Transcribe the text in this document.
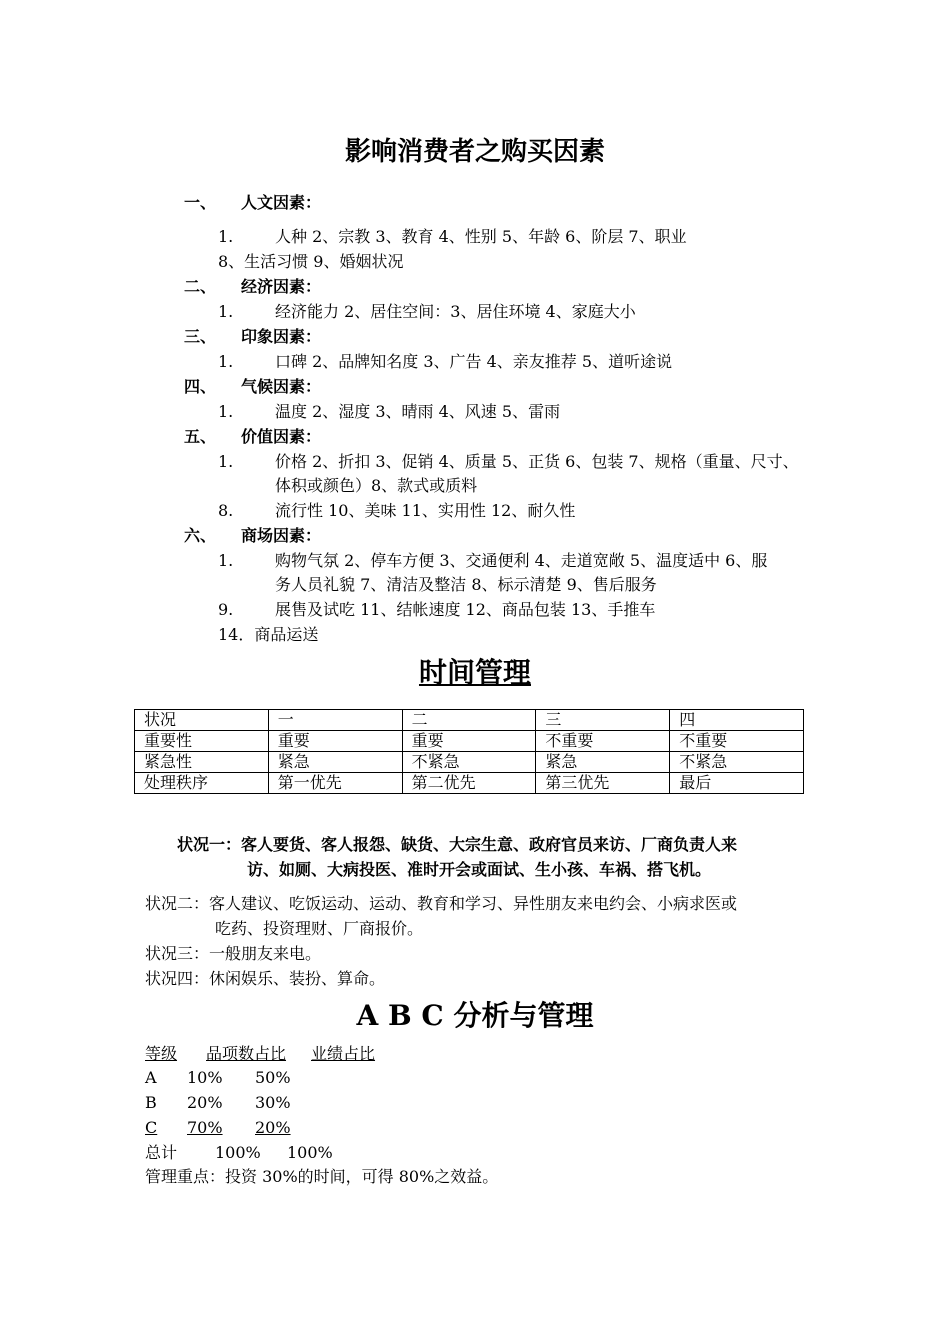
影响消费者之购买因素
一、 人文因素：
1.	人种 2、宗教 3、教育 4、性别 5、年龄 6、阶层 7、职业
8、生活习惯 9、婚姻状况
二、 经济因素：
1.	经济能力 2、居住空间：3、居住环境 4、家庭大小
三、 印象因素：
1.	口碑 2、品牌知名度 3、广告 4、亲友推荐 5、道听途说
四、 气候因素：
1.	温度 2、湿度 3、晴雨 4、风速 5、雷雨
五、 价值因素：
1.	价格 2、折扣 3、促销 4、质量 5、正货 6、包装 7、规格（重量、尺寸、
体积或颜色）8、款式或质料
8.	流行性 10、美味 11、实用性 12、耐久性
六、 商场因素：
1.	购物气氛 2、停车方便 3、交通便利 4、走道宽敞 5、温度适中 6、服
务人员礼貌 7、清洁及整洁 8、标示清楚 9、售后服务
9.	展售及试吃 11、结帐速度 12、商品包装 13、手推车
14．商品运送
时间管理
状况	一	二	三	四
重要性	重要	重要	不重要	不重要
紧急性	紧急	不紧急	紧急	不紧急
处理秩序	第一优先	第二优先	第三优先	最后
状况一：客人要货、客人报怨、缺货、大宗生意、政府官员来访、厂商负责人来
访、如厕、大病投医、准时开会或面试、生小孩、车祸、搭飞机。
状况二：客人建议、吃饭运动、运动、教育和学习、异性朋友来电约会、小病求医或
吃药、投资理财、厂商报价。
状况三：一般朋友来电。
状况四：休闲娱乐、装扮、算命。
A B C 分析与管理
等级 品项数占比 业绩占比
A 10% 50%
B 20% 30%
C 70% 20%
总计 100% 100%
管理重点：投资 30%的时间，可得 80%之效益。
